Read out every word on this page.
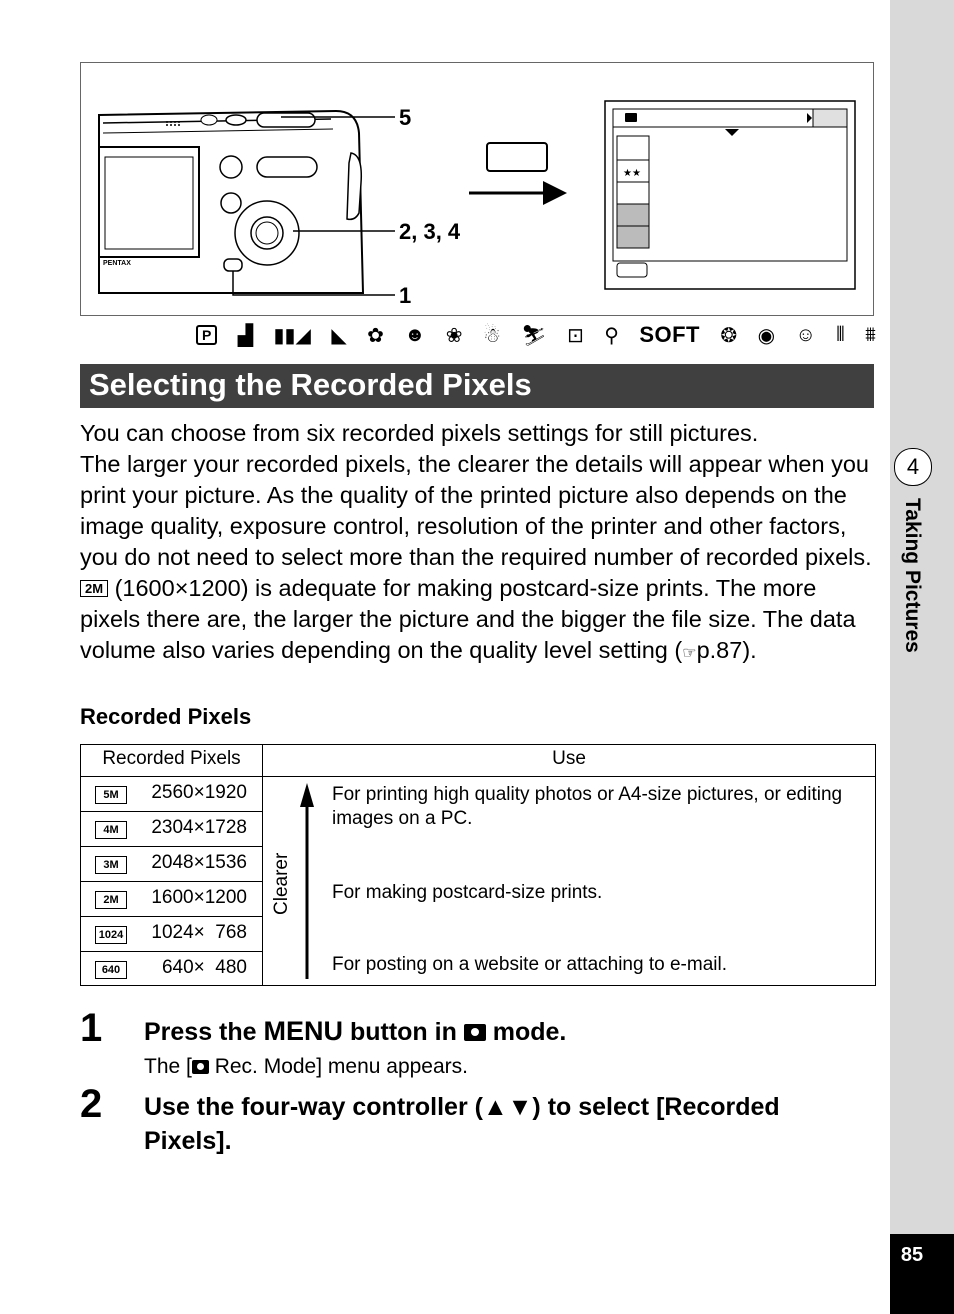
4
Taking Pictures
85
PENTAX
5
2, 3, 4
1
★★
P	▟ ▮▮◢ ◣ ✿ ☻ ❀ ☃ ⛷ ⊡ ⚲ SOFT ❂ ◉ ☺ ⫴ ⩩
Selecting the Recorded Pixels

You can choose from six recorded pixels settings for still pictures.

The larger your recorded pixels, the clearer the details will appear when you print your picture. As the quality of the printed picture also depends on the image quality, exposure control, resolution of the printer and other factors, you do not need to select more than the required number of recorded pixels. 2M (1600×1200) is adequate for making postcard-size prints. The more pixels there are, the larger the picture and the bigger the file size. The data volume also varies depending on the quality level setting (☞p.87).

Recorded Pixels
Recorded Pixels	Use
5M	2560×1920
4M	2304×1728
3M	2048×1536
2M	1600×1200
1024	1024×  768
640	640×  480
Clearer
For printing high quality photos or A4-size pictures, or editing images on a PC.
For making postcard-size prints.
For posting on a website or attaching to e-mail.
1 Press the MENU button in
mode.
The [
Rec. Mode] menu appears.
2 Use the four-way controller (▲▼) to select [Recorded Pixels].
